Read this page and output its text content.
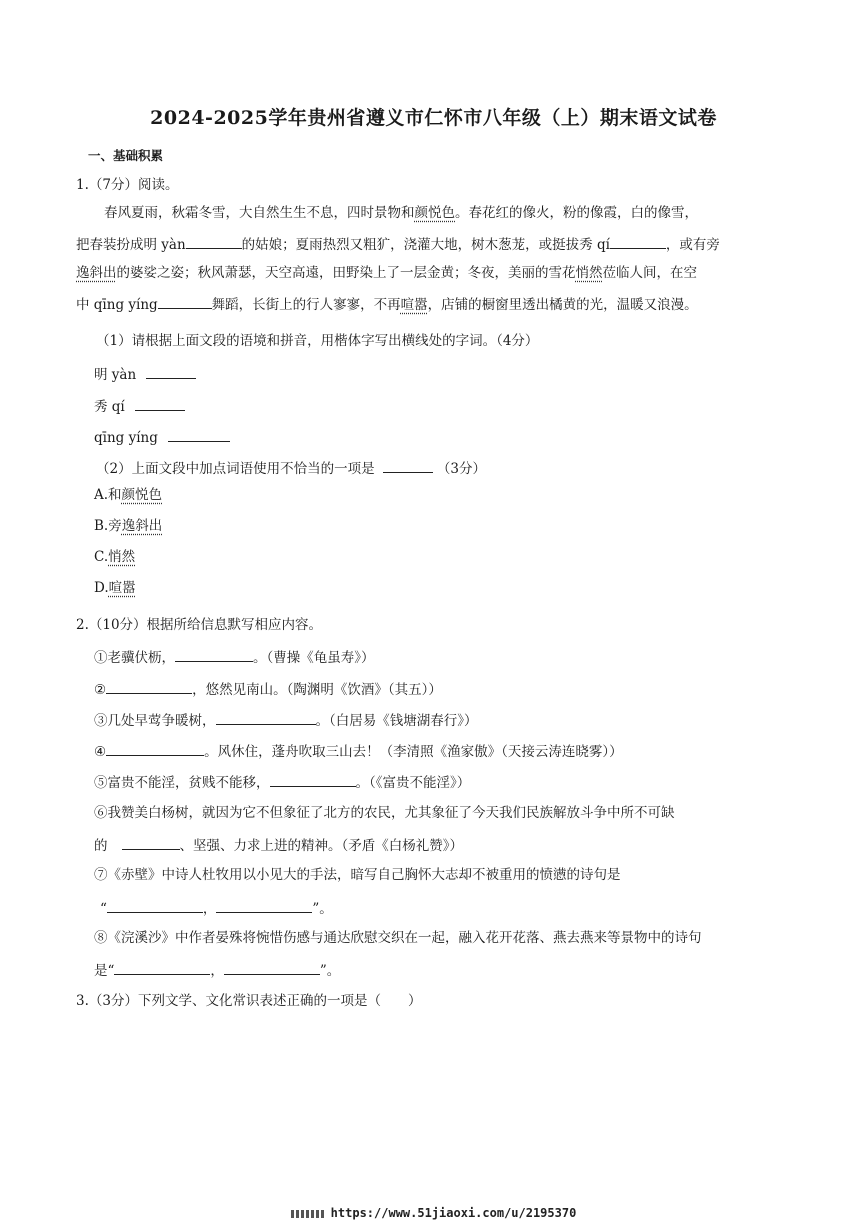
2024-2025学年贵州省遵义市仁怀市八年级（上）期末语文试卷
一、基础积累
1.（7分）阅读。
春风夏雨，秋霜冬雪，大自然生生不息，四时景物和颜悦色。春花红的像火，粉的像霞，白的像雪，
把春装扮成明 yàn	的姑娘；夏雨热烈又粗犷，浇灌大地，树木葱茏，或挺拔秀 qí	，或有旁
逸斜出的婆娑之姿；秋风萧瑟，天空高遠，田野染上了一层金黄；冬夜，美丽的雪花悄然莅临人间，在空
中 qīng yíng	舞蹈，长街上的行人寥寥，不再喧嚣，店铺的橱窗里透出橘黄的光，温暖又浪漫。
（1）请根据上面文段的语境和拼音，用楷体字写出横线处的字词。（4分）
明 yàn
秀 qí
qīng yíng
（2）上面文段中加点词语使用不恰当的一项是	（3分）
A.和颜悦色
B.旁逸斜出
C.悄然
D.喧嚣
2.（10分）根据所给信息默写相应内容。
①老骥伏枥，	。（曹操《龟虽寿》）
②	，悠然见南山。（陶渊明《饮酒》（其五））
③几处早莺争暖树，	。（白居易《钱塘湖春行》）
④	。风休住，蓬舟吹取三山去！（李清照《渔家傲》（天接云涛连晓雾））
⑤富贵不能淫，贫贱不能移，	。（《富贵不能淫》）
⑥我赞美白杨树，就因为它不但象征了北方的农民，尤其象征了今天我们民族解放斗争中所不可缺
的	、坚强、力求上进的精神。（矛盾《白杨礼赞》）
⑦《赤壁》中诗人杜牧用以小见大的手法，暗写自己胸怀大志却不被重用的愤懑的诗句是
“	，	”。
⑧《浣溪沙》中作者晏殊将惋惜伤感与通达欣慰交织在一起，融入花开花落、燕去燕来等景物中的诗句
是“	，	”。
3.（3分）下列文学、文化常识表述正确的一项是（　　）
https://www.51jiaoxi.com/u/2195370
